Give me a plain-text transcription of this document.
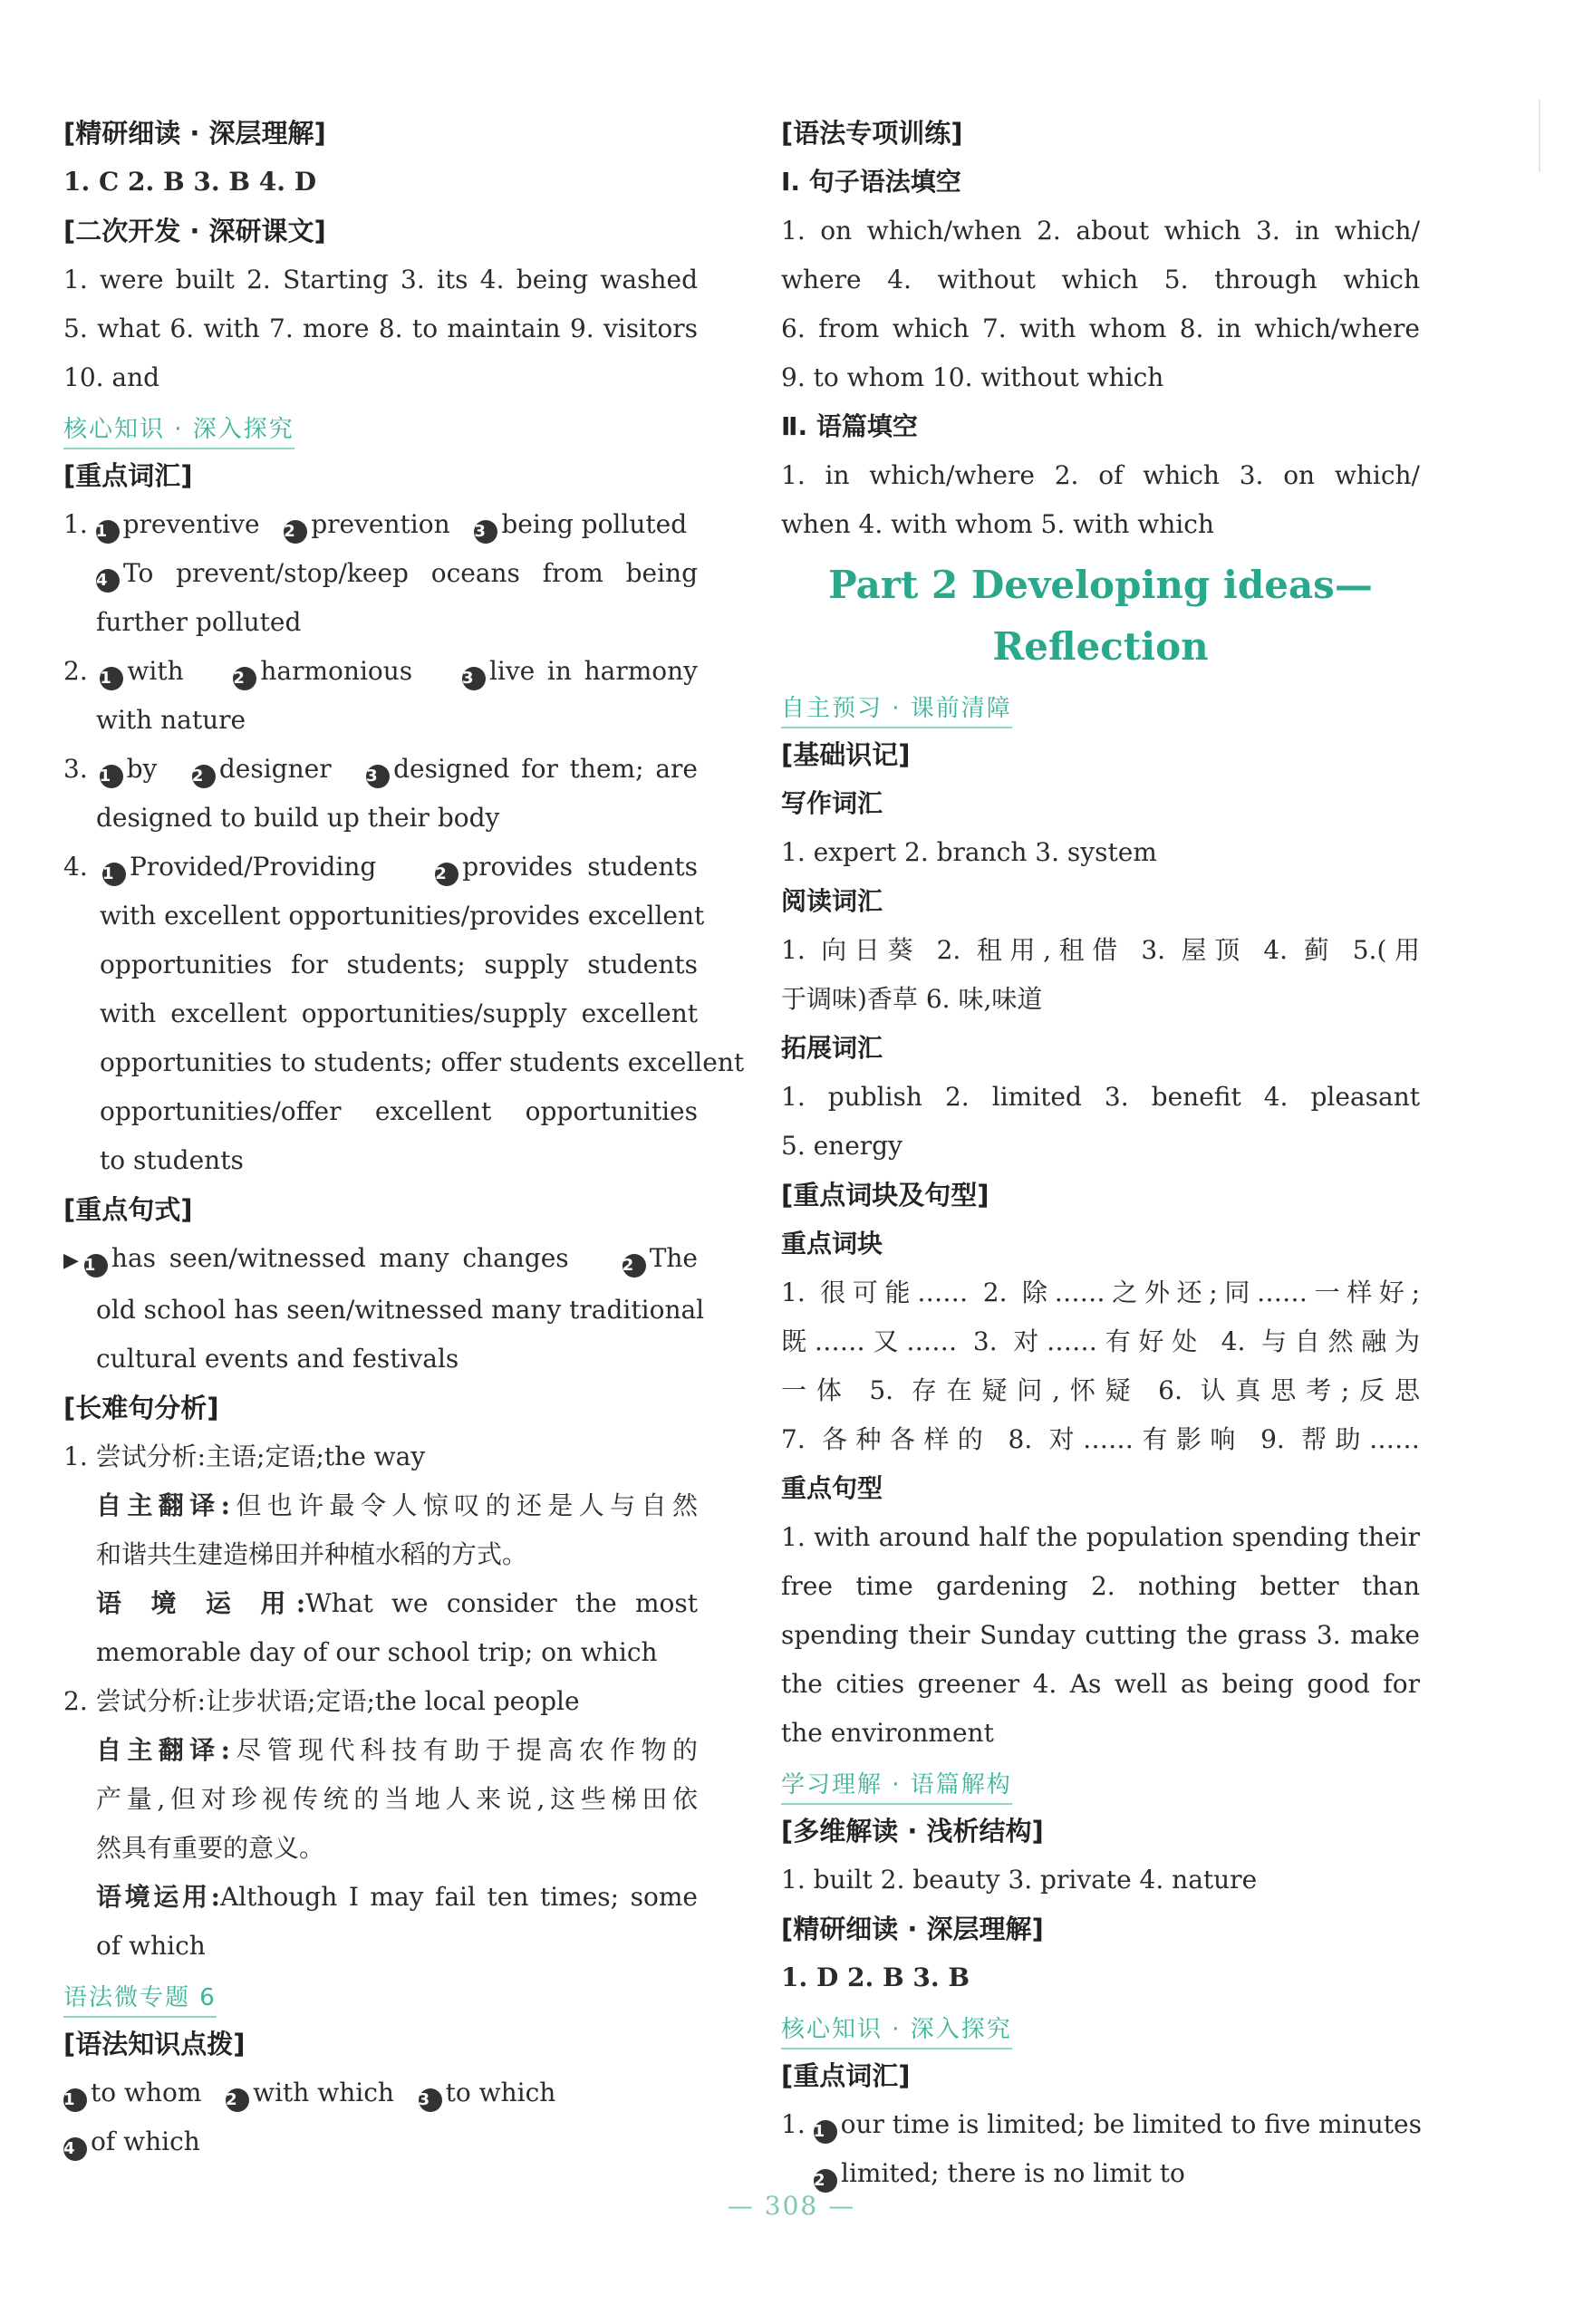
[精研细读 · 深层理解]
1. C 2. B 3. B 4. D
[二次开发 · 深研课文]
1. were built 2. Starting 3. its 4. being washed
5. what 6. with 7. more 8. to maintain 9. visitors
10. and
核心知识 · 深入探究
[重点词汇]
1. 1 preventive 2 prevention 3 being polluted
4 To prevent/stop/keep oceans from being
further polluted
2. 1 with	2 harmonious	3 live in harmony
with nature
3. 1 by 2 designer 3 designed for them; are
designed to build up their body
4. 1 Provided/Providing	2 provides students
with excellent opportunities/provides excellent
opportunities for students; supply students
with excellent opportunities/supply excellent
opportunities to students; offer students excellent
opportunities/offer excellent opportunities
to students
[重点句式]
▶ 1 has seen/witnessed many changes	2 The
old school has seen/witnessed many traditional
cultural events and festivals
[长难句分析]
1. 尝试分析:主语;定语;the way
自主翻译:但也许最令人惊叹的还是人与自然
和谐共生建造梯田并种植水稻的方式。
语 境 运 用:What we consider the most
memorable day of our school trip; on which
2. 尝试分析:让步状语;定语;the local people
自主翻译:尽管现代科技有助于提高农作物的
产量,但对珍视传统的当地人来说,这些梯田依
然具有重要的意义。
语境运用:Although I may fail ten times; some
of which
语法微专题 6
[语法知识点拨]
1 to whom 2 with which 3 to which
4 of which
[语法专项训练]
Ⅰ. 句子语法填空
1. on which/when 2. about which 3. in which/
where 4. without which 5. through which
6. from which 7. with whom 8. in which/where
9. to whom 10. without which
Ⅱ. 语篇填空
1. in which/where 2. of which 3. on which/
when 4. with whom 5. with which
Part 2 Developing ideas—
Reflection
自主预习 · 课前清障
[基础识记]
写作词汇
1. expert 2. branch 3. system
阅读词汇
1. 向日葵 2. 租用,租借 3. 屋顶 4. 蓟 5.(用
于调味)香草 6. 味,味道
拓展词汇
1. publish 2. limited 3. benefit 4. pleasant
5. energy
[重点词块及句型]
重点词块
1. 很可能…… 2. 除……之外还;同……一样好;
既……又…… 3. 对……有好处 4. 与自然融为
一体 5. 存在疑问,怀疑 6. 认真思考;反思
7. 各种各样的 8. 对……有影响 9. 帮助……
重点句型
1. with around half the population spending their
free time gardening 2. nothing better than
spending their Sunday cutting the grass 3. make
the cities greener 4. As well as being good for
the environment
学习理解 · 语篇解构
[多维解读 · 浅析结构]
1. built 2. beauty 3. private 4. nature
[精研细读 · 深层理解]
1. D 2. B 3. B
核心知识 · 深入探究
[重点词汇]
1. 1 our time is limited; be limited to five minutes
2 limited; there is no limit to
— 308 —
